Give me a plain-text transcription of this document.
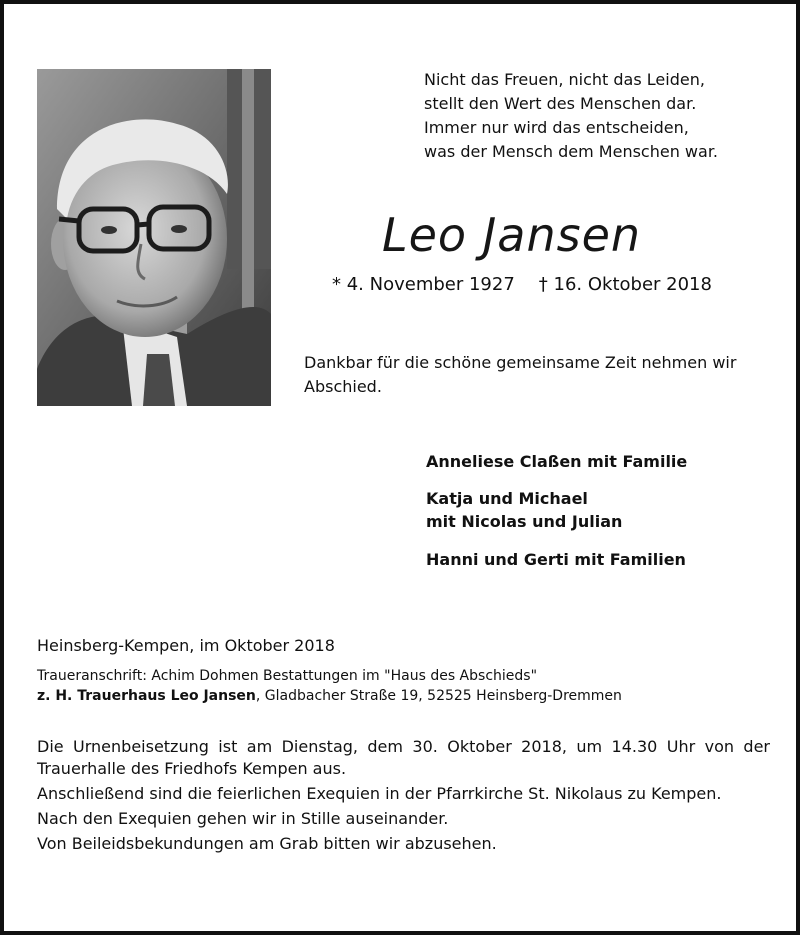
Nicht das Freuen, nicht das Leiden,
stellt den Wert des Menschen dar.
Immer nur wird das entscheiden,
was der Mensch dem Menschen war.
Leo Jansen
* 4. November 1927 † 16. Oktober 2018
Dankbar für die schöne gemeinsame Zeit nehmen wir Abschied.
Anneliese Claßen mit Familie
Katja und Michael
mit Nicolas und Julian
Hanni und Gerti mit Familien
Heinsberg-Kempen, im Oktober 2018
Traueranschrift: Achim Dohmen Bestattungen im "Haus des Abschieds"
z. H. Trauerhaus Leo Jansen, Gladbacher Straße 19, 52525 Heinsberg-Dremmen

Die Urnenbeisetzung ist am Dienstag, dem 30. Oktober 2018, um 14.30 Uhr von der Trauerhalle des Friedhofs Kempen aus.

Anschließend sind die feierlichen Exequien in der Pfarrkirche St. Nikolaus zu Kempen.

Nach den Exequien gehen wir in Stille auseinander.

Von Beileidsbekundungen am Grab bitten wir abzusehen.
